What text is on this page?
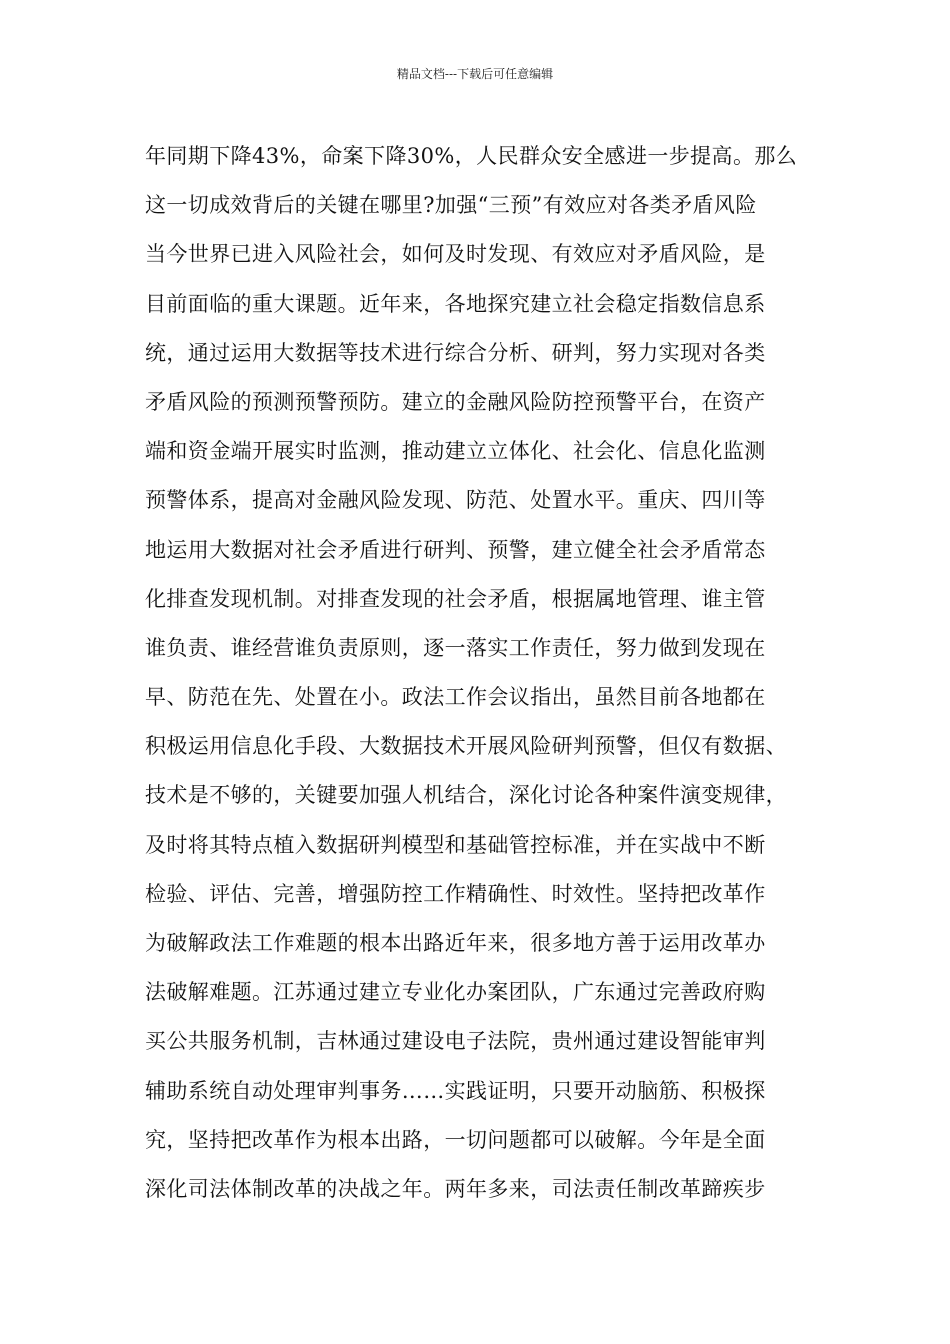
精品文档---下载后可任意编辑
年同期下降43%，命案下降30%，人民群众安全感进一步提高。那么
这一切成效背后的关键在哪里?加强“三预”有效应对各类矛盾风险
当今世界已进入风险社会，如何及时发现、有效应对矛盾风险，是
目前面临的重大课题。近年来，各地探究建立社会稳定指数信息系
统，通过运用大数据等技术进行综合分析、研判，努力实现对各类
矛盾风险的预测预警预防。建立的金融风险防控预警平台，在资产
端和资金端开展实时监测，推动建立立体化、社会化、信息化监测
预警体系，提高对金融风险发现、防范、处置水平。重庆、四川等
地运用大数据对社会矛盾进行研判、预警，建立健全社会矛盾常态
化排查发现机制。对排查发现的社会矛盾，根据属地管理、谁主管
谁负责、谁经营谁负责原则，逐一落实工作责任，努力做到发现在
早、防范在先、处置在小。政法工作会议指出，虽然目前各地都在
积极运用信息化手段、大数据技术开展风险研判预警，但仅有数据、
技术是不够的，关键要加强人机结合，深化讨论各种案件演变规律，
及时将其特点植入数据研判模型和基础管控标准，并在实战中不断
检验、评估、完善，增强防控工作精确性、时效性。坚持把改革作
为破解政法工作难题的根本出路近年来，很多地方善于运用改革办
法破解难题。江苏通过建立专业化办案团队，广东通过完善政府购
买公共服务机制，吉林通过建设电子法院，贵州通过建设智能审判
辅助系统自动处理审判事务……实践证明，只要开动脑筋、积极探
究，坚持把改革作为根本出路，一切问题都可以破解。今年是全面
深化司法体制改革的决战之年。两年多来，司法责任制改革蹄疾步
